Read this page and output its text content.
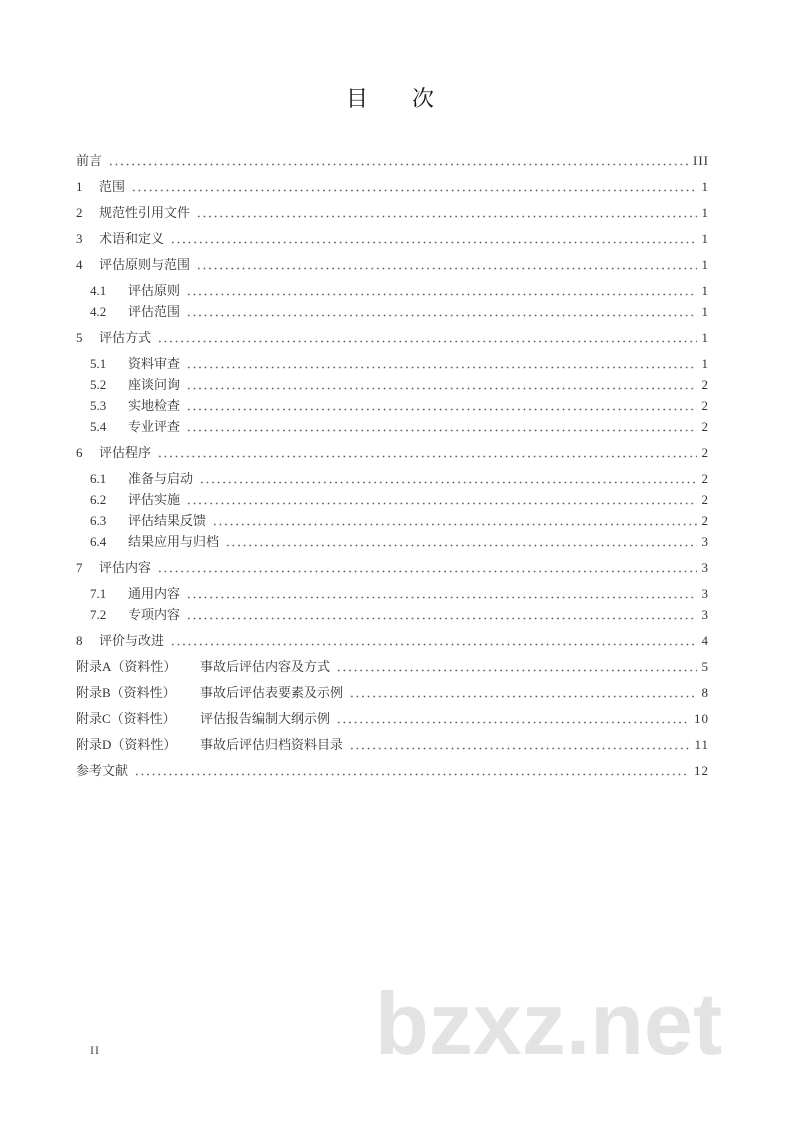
目　　次
前言	III
1	范围	1
2	规范性引用文件	1
3	术语和定义	1
4	评估原则与范围	1
4.1	评估原则	1
4.2	评估范围	1
5	评估方式	1
5.1	资料审查	1
5.2	座谈问询	2
5.3	实地检查	2
5.4	专业评查	2
6	评估程序	2
6.1	准备与启动	2
6.2	评估实施	2
6.3	评估结果反馈	2
6.4	结果应用与归档	3
7	评估内容	3
7.1	通用内容	3
7.2	专项内容	3
8	评价与改进	4
附录A（资料性）	事故后评估内容及方式	5
附录B（资料性）	事故后评估表要素及示例	8
附录C（资料性）	评估报告编制大纲示例	10
附录D（资料性）	事故后评估归档资料目录	11
参考文献	12
II	bzxz.net
